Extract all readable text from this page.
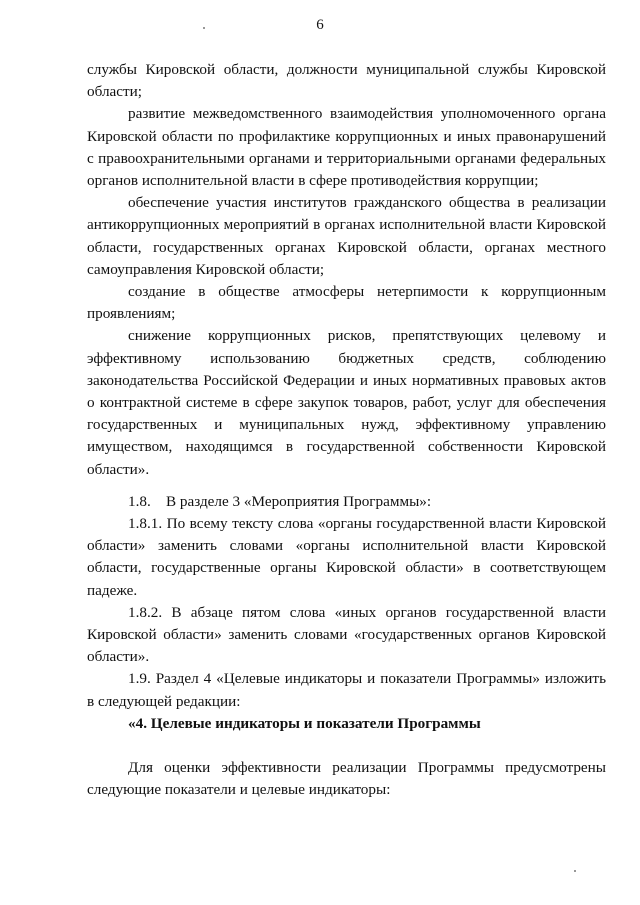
6

службы Кировской области, должности муниципальной службы Кировской области;

развитие межведомственного взаимодействия уполномоченного органа Кировской области по профилактике коррупционных и иных правонарушений с правоохранительными органами и территориальными органами федеральных органов исполнительной власти в сфере противодействия коррупции;

обеспечение участия институтов гражданского общества в реализации антикоррупционных мероприятий в органах исполнительной власти Кировской области, государственных органах Кировской области, органах местного самоуправления Кировской области;

создание в обществе атмосферы нетерпимости к коррупционным проявлениям;

снижение коррупционных рисков, препятствующих целевому и эффективному использованию бюджетных средств, соблюдению законодательства Российской Федерации и иных нормативных правовых актов о контрактной системе в сфере закупок товаров, работ, услуг для обеспечения государственных и муниципальных нужд, эффективному управлению имуществом, находящимся в государственной собственности Кировской области».

1.8.    В разделе 3 «Мероприятия Программы»:

1.8.1. По всему тексту слова «органы государственной власти Кировской области» заменить словами «органы исполнительной власти Кировской области, государственные органы Кировской области» в соответствующем падеже.

1.8.2. В абзаце пятом слова «иных органов государственной власти Кировской области» заменить словами «государственных органов Кировской области».

1.9. Раздел 4 «Целевые индикаторы и показатели Программы» изложить в следующей редакции:

«4. Целевые индикаторы и показатели Программы

Для оценки эффективности реализации Программы предусмотрены следующие показатели и целевые индикаторы:
